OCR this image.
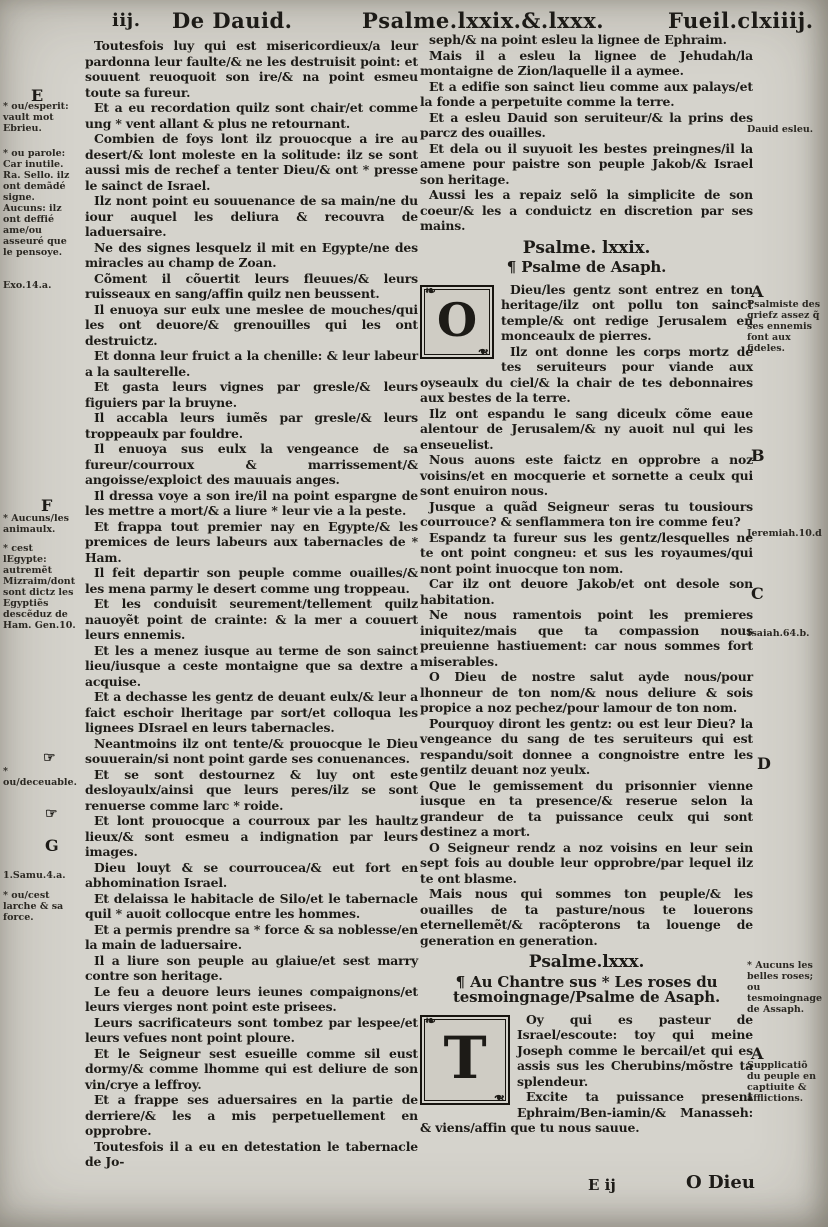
iij. De Dauid.	Psalme.lxxix.&.lxxx.	Fueil.clxiiij.

Toutesfois luy qui est misericordieux/a leur pardonna leur faulte/& ne les destruisit point: et souuent reuoquoit son ire/& na point esmeu toute sa fureur.

Et a eu recordation quilz sont chair/et comme ung * vent allant & plus ne retournant.

Combien de foys lont ilz prouocque a ire au desert/& lont moleste en la solitude: ilz se sont aussi mis de rechef a tenter Dieu/& ont * presse le sainct de Israel.

Ilz nont point eu souuenance de sa main/ne du iour auquel les deliura & recouvra de laduersaire.

Ne des signes lesquelz il mit en Egypte/ne des miracles au champ de Zoan.

Cõment il cõuertit leurs fleuues/& leurs ruisseaux en sang/affin quilz nen beussent.

Il enuoya sur eulx une meslee de mouches/qui les ont deuore/& grenouilles qui les ont destruictz.

Et donna leur fruict a la chenille: & leur labeur a la saulterelle.

Et gasta leurs vignes par gresle/& leurs figuiers par la bruyne.

Il accabla leurs iumẽs par gresle/& leurs troppeaulx par fouldre.

Il enuoya sus eulx la vengeance de sa fureur/courroux & marrissement/& angoisse/exploict des mauuais anges.

Il dressa voye a son ire/il na point espargne de les mettre a mort/& a liure * leur vie a la peste.

Et frappa tout premier nay en Egypte/& les premices de leurs labeurs aux tabernacles de * Ham.

Il feit departir son peuple comme ouailles/& les mena parmy le desert comme ung troppeau.

Et les conduisit seurement/tellement quilz nauoyẽt point de crainte: & la mer a couuert leurs ennemis.

Et les a menez iusque au terme de son sainct lieu/iusque a ceste montaigne que sa dextre a acquise.

Et a dechasse les gentz de deuant eulx/& leur a faict eschoir lheritage par sort/et colloqua les lignees DIsrael en leurs tabernacles.

Neantmoins ilz ont tente/& prouocque le Dieu souuerain/si nont point garde ses conuenances.

Et se sont destournez & luy ont este desloyaulx/ainsi que leurs peres/ilz se sont renuerse comme larc * roide.

Et lont prouocque a courroux par les haultz lieux/& sont esmeu a indignation par leurs images.

Dieu louyt & se courroucea/& eut fort en abhomination Israel.

Et delaissa le habitacle de Silo/et le tabernacle quil * auoit collocque entre les hommes.

Et a permis prendre sa * force & sa noblesse/en la main de laduersaire.

Il a liure son peuple au glaiue/et sest marry contre son heritage.

Le feu a deuore leurs ieunes compaignons/et leurs vierges nont point este prisees.

Leurs sacrificateurs sont tombez par lespee/et leurs vefues nont point ploure.

Et le Seigneur sest esueille comme sil eust dormy/& comme lhomme qui est deliure de son vin/crye a leffroy.

Et a frappe ses aduersaires en la partie de derriere/& les a mis perpetuellement en opprobre.

Toutesfois il a eu en detestation le tabernacle de Jo-

seph/& na point esleu la lignee de Ephraim.

Mais il a esleu la lignee de Jehudah/la montaigne de Zion/laquelle il a aymee.

Et a edifie son sainct lieu comme aux palays/et la fonde a perpetuite comme la terre.

Et a esleu Dauid son seruiteur/& la prins des parcz des ouailles.

Et dela ou il suyuoit les bestes preingnes/il la amene pour paistre son peuple Jakob/& Israel son heritage.

Aussi les a repaiz selõ la simplicite de son coeur/& les a conduictz en discretion par ses mains.

Psalme. lxxix.
¶ Psalme de Asaph.
❧ O ❧

Dieu/les gentz sont entrez en ton heritage/ilz ont pollu ton sainct temple/& ont redige Jerusalem en monceaulx de pierres.

Ilz ont donne les corps mortz de tes seruiteurs pour viande aux oyseaulx du ciel/& la chair de tes debonnaires aux bestes de la terre.

Ilz ont espandu le sang diceulx cõme eaue alentour de Jerusalem/& ny auoit nul qui les enseuelist.

Nous auons este faictz en opprobre a noz voisins/et en mocquerie et sornette a ceulx qui sont enuiron nous.

Jusque a quãd Seigneur seras tu tousiours courrouce? & senflammera ton ire comme feu?

Espandz ta fureur sus les gentz/lesquelles ne te ont point congneu: et sus les royaumes/qui nont point inuocque ton nom.

Car ilz ont deuore Jakob/et ont desole son habitation.

Ne nous ramentois point les premieres iniquitez/mais que ta compassion nous preuienne hastiuement: car nous sommes fort miserables.

O Dieu de nostre salut ayde nous/pour lhonneur de ton nom/& nous deliure & sois propice a noz pechez/pour lamour de ton nom.

Pourquoy diront les gentz: ou est leur Dieu? la vengeance du sang de tes seruiteurs qui est respandu/soit donnee a congnoistre entre les gentilz deuant noz yeulx.

Que le gemissement du prisonnier vienne iusque en ta presence/& reserue selon la grandeur de ta puissance ceulx qui sont destinez a mort.

O Seigneur rendz a noz voisins en leur sein sept fois au double leur opprobre/par lequel ilz te ont blasme.

Mais nous qui sommes ton peuple/& les ouailles de ta pasture/nous te louerons eternellemẽt/& racõpterons ta louenge de generation en generation.

Psalme.lxxx.
¶ Au Chantre sus * Les roses du tesmoingnage/Psalme de Asaph.
❧ T ❧

Oy qui es pasteur de Israel/escoute: toy qui meine Joseph comme le bercail/et qui es assis sus les Cherubins/mõstre ta splendeur.

Excite ta puissance present Ephraim/Ben-iamin/& Manasseh: & viens/affin que tu nous sauue.

E
* ou/esperit: vault mot Ebrieu.
* ou parole: Car inutile. Ra. Sello. ilz ont demãdé signe. Aucuns: ilz ont deffié ame/ou asseuré que le pensoye.
Exo.14.a.
F
* Aucuns/les animaulx.
* cest lEgypte: autremẽt Mizraim/dont sont dictz les Egyptiẽs descẽduz de Ham. Gen.10.
☞
* ou/deceuable.
☞
G
1.Samu.4.a.
* ou/cest larche & sa force.
Dauid esleu.
A
Psalmiste des griefz assez q̃ ses ennemis font aux fideles.
B
Jeremiah.10.d
C
Isaiah.64.b.
D
* Aucuns les belles roses; ou tesmoingnage de Assaph.
A
Supplicatiõ du peuple en captiuite & afflictions.
E ij	O Dieu
